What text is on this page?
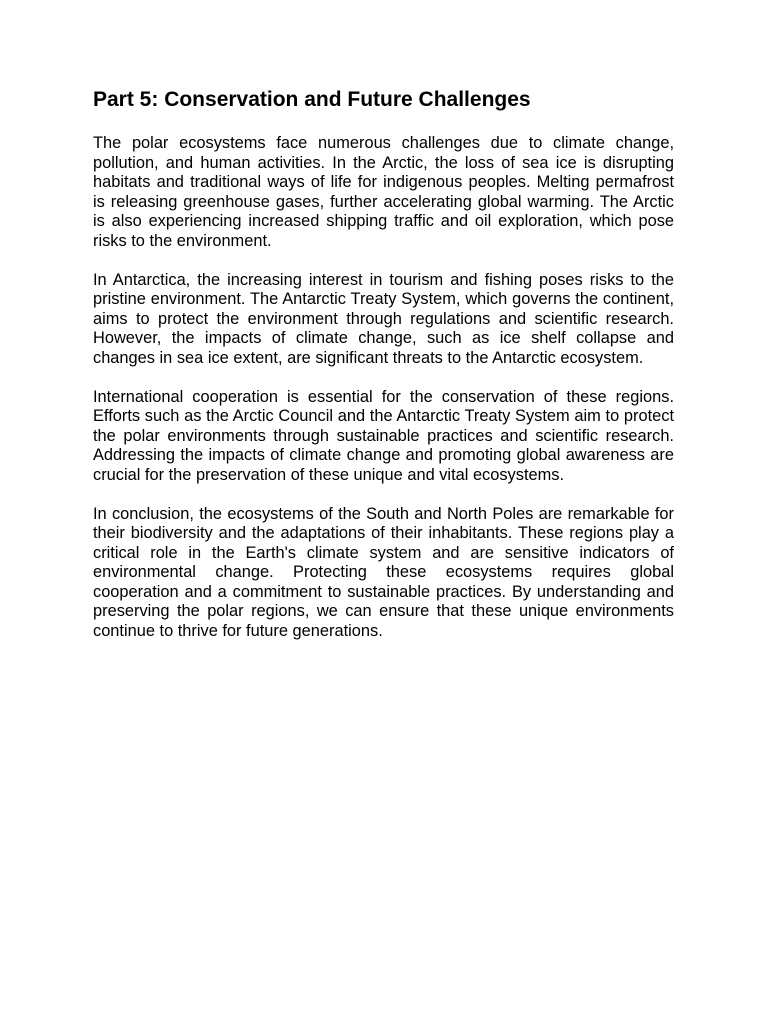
Part 5: Conservation and Future Challenges

The polar ecosystems face numerous challenges due to climate change, pollution, and human activities. In the Arctic, the loss of sea ice is disrupting habitats and traditional ways of life for indigenous peoples. Melting permafrost is releasing greenhouse gases, further accelerating global warming. The Arctic is also experiencing increased shipping traffic and oil exploration, which pose risks to the environment.

In Antarctica, the increasing interest in tourism and fishing poses risks to the pristine environment. The Antarctic Treaty System, which governs the continent, aims to protect the environment through regulations and scientific research. However, the impacts of climate change, such as ice shelf collapse and changes in sea ice extent, are significant threats to the Antarctic ecosystem.

International cooperation is essential for the conservation of these regions. Efforts such as the Arctic Council and the Antarctic Treaty System aim to protect the polar environments through sustainable practices and scientific research. Addressing the impacts of climate change and promoting global awareness are crucial for the preservation of these unique and vital ecosystems.

In conclusion, the ecosystems of the South and North Poles are remarkable for their biodiversity and the adaptations of their inhabitants. These regions play a critical role in the Earth's climate system and are sensitive indicators of environmental change. Protecting these ecosystems requires global cooperation and a commitment to sustainable practices. By understanding and preserving the polar regions, we can ensure that these unique environments continue to thrive for future generations.
